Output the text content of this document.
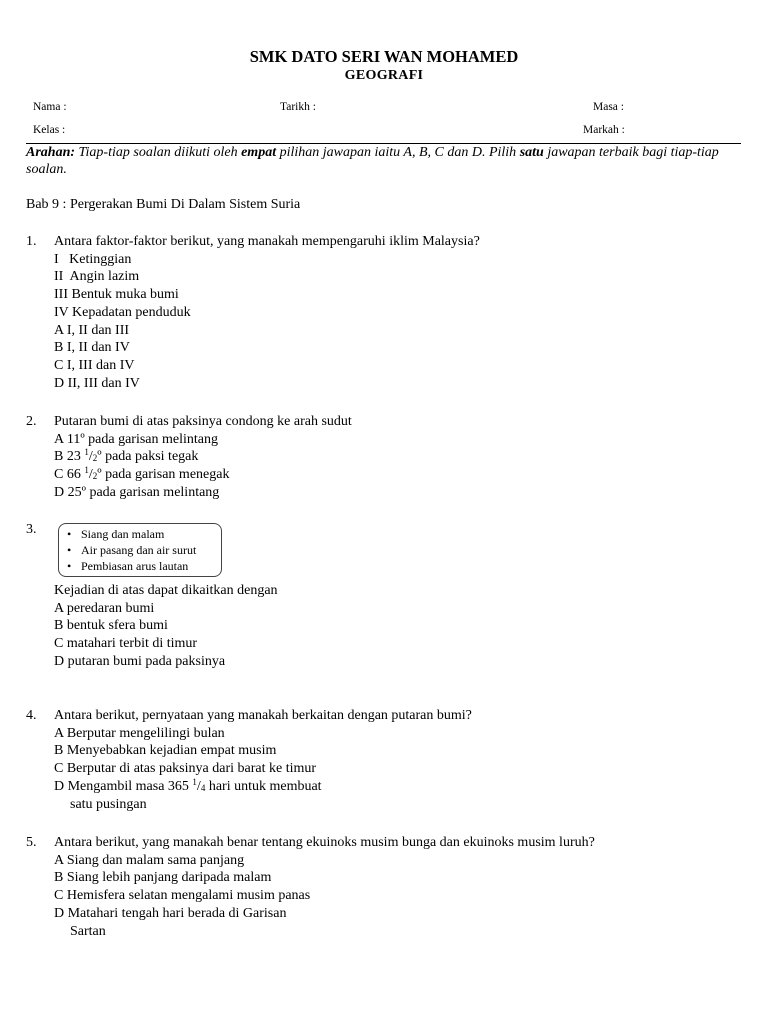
SMK DATO SERI WAN MOHAMED
GEOGRAFI
Nama :	Tarikh :	Masa :
Kelas :	Markah :
Arahan: Tiap-tiap soalan diikuti oleh empat pilihan jawapan iaitu A, B, C dan D. Pilih satu jawapan terbaik bagi tiap-tiap soalan.
Bab 9 : Pergerakan Bumi Di Dalam Sistem Suria
1. Antara faktor-faktor berikut, yang manakah mempengaruhi iklim Malaysia?
I   Ketinggian
II  Angin lazim
III Bentuk muka bumi
IV Kepadatan penduduk
A I, II dan III
B I, II dan IV
C I, III dan IV
D II, III dan IV
2. Putaran bumi di atas paksinya condong ke arah sudut
A 11º pada garisan melintang
B 23 $^1/_2º$ pada paksi tegak
C 66 $^1/_2º$ pada garisan menegak
D 25º pada garisan melintang
3.	• Siang dan malam
• Air pasang dan air surut
• Pembiasan arus lautan
Kejadian di atas dapat dikaitkan dengan
A peredaran bumi
B bentuk sfera bumi
C matahari terbit di timur
D putaran bumi pada paksinya
4. Antara berikut, pernyataan yang manakah berkaitan dengan putaran bumi?
A Berputar mengelilingi bulan
B Menyebabkan kejadian empat musim
C Berputar di atas paksinya dari barat ke timur
D Mengambil masa 365 $^1/_4$ hari untuk membuat
satu pusingan
5. Antara berikut, yang manakah benar tentang ekuinoks musim bunga dan ekuinoks musim luruh?
A Siang dan malam sama panjang
B Siang lebih panjang daripada malam
C Hemisfera selatan mengalami musim panas
D Matahari tengah hari berada di Garisan
Sartan
